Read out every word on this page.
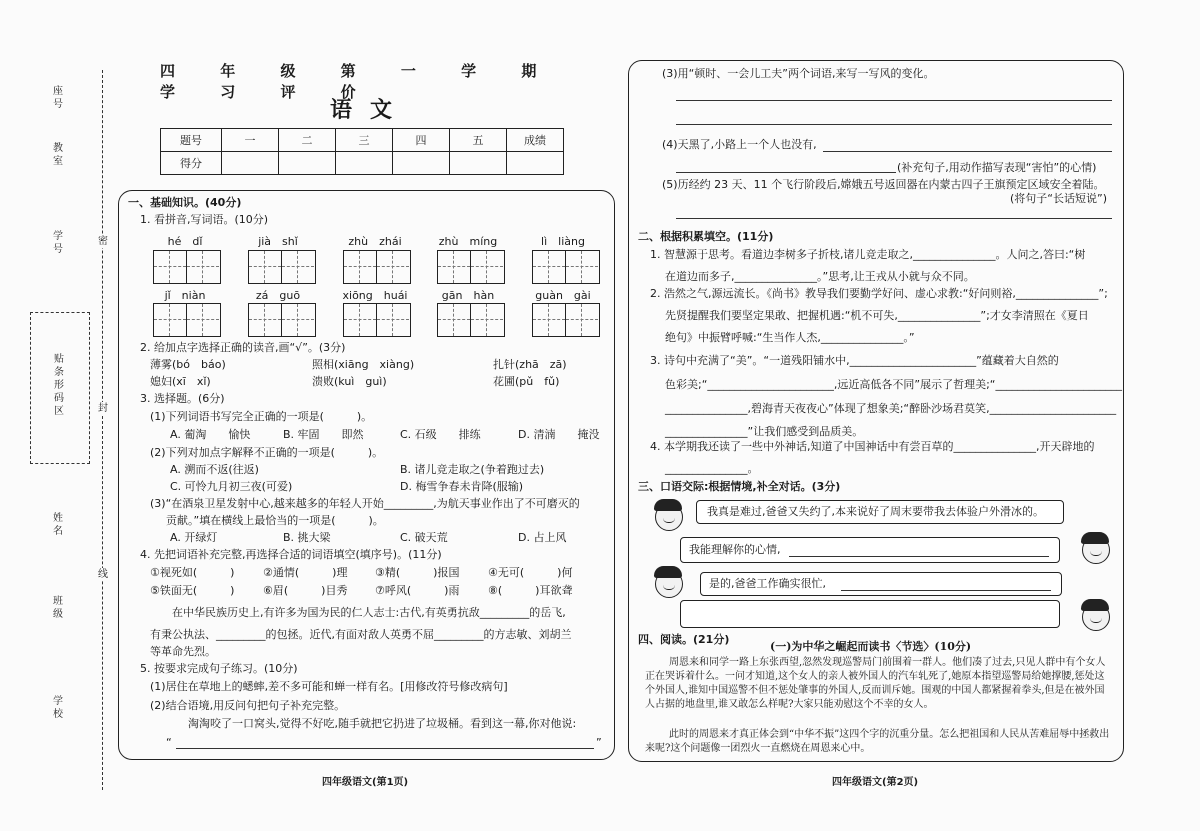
座号
教室
学号
贴条形码区
姓名
班级
学校
密
封
线
四 年 级 第 一 学 期 学 习 评 价
语文
题号	一	二	三	四	五	成绩
得分						
一、基础知识。(40分)
1. 看拼音,写词语。(10分)
hé　dǐ	jià　shǐ	zhù　zhái	zhù　míng	lì　liàng
jǐ　niàn	zá　guō	xiōng　huái	gān　hàn	guàn　gài
2. 给加点字选择正确的读音,画“√”。(3分)
薄雾(bó　báo)	照相(xiāng　xiàng)	扎针(zhā　zā)
媳妇(xī　xǐ)	溃败(kuì　guì)	花圃(pǔ　fǔ)
3. 选择题。(6分)
(1)下列词语书写完全正确的一项是(　　　)。
A. 葡淘　　愉快	B. 牢固　　即然	C. 石级　　排练	D. 清湳　　掩没
(2)下列对加点字解释不正确的一项是(　　　)。
A. 溯而不返(往返)	B. 诸儿竞走取之(争着跑过去)
C. 可怜九月初三夜(可爱)	D. 梅雪争春未肯降(服输)
(3)“在酒泉卫星发射中心,越来越多的年轻人开始_________,为航天事业作出了不可磨灭的
贡献。”填在横线上最恰当的一项是(　　　)。
A. 开绿灯	B. 挑大梁	C. 破天荒	D. 占上风
4. 先把词语补充完整,再选择合适的词语填空(填序号)。(11分)
①视死如(　　　)	②通情(　　　)理	③精(　　　)报国	④无可(　　　)何
⑤铁面无(　　　)	⑥眉(　　　)目秀	⑦呼风(　　　)雨	⑧(　　　)耳欲聋
在中华民族历史上,有许多为国为民的仁人志士:古代,有英勇抗敌_________的岳飞,
有秉公执法、_________的包拯。近代,有面对敌人英勇不屈_________的方志敏、刘胡兰
等革命先烈。
5. 按要求完成句子练习。(10分)
(1)居住在草地上的蟋蟀,差不多可能和蝉一样有名。[用修改符号修改病句]
(2)结合语境,用反问句把句子补充完整。
淘淘咬了一口窝头,觉得不好吃,随手就把它扔进了垃圾桶。看到这一幕,你对他说:
“	”
四年级语文(第1页)
(3)用“顿时、一会儿工夫”两个词语,来写一写风的变化。
(4)天黑了,小路上一个人也没有,
(补充句子,用动作描写表现“害怕”的心情)
(5)历经约 23 天、11 个飞行阶段后,嫦娥五号返回器在内蒙古四子王旗预定区域安全着陆。
(将句子“长话短说”)
二、根据积累填空。(11分)
1. 智慧源于思考。看道边李树多子折枝,诸儿竞走取之,_______________。人问之,答曰:“树
在道边而多子,_______________。”思考,让王戎从小就与众不同。
2. 浩然之气,源远流长。《尚书》教导我们要勤学好问、虚心求教:“好问则裕,_______________”;
先贤提醒我们要坚定果敢、把握机遇:“机不可失,_______________”;才女李清照在《夏日
绝句》中振臂呼喊:“生当作人杰,_______________。”
3. 诗句中充满了“美”。“一道残阳铺水中,_______________________”蕴藏着大自然的
色彩美;“_______________________,远近高低各不同”展示了哲理美;“_______________________
_______________,碧海青天夜夜心”体现了想象美;“醉卧沙场君莫笑,_______________________
_______________”让我们感受到品质美。
4. 本学期我还读了一些中外神话,知道了中国神话中有尝百草的_______________,开天辟地的
_______________。
三、口语交际:根据情境,补全对话。(3分)
我真是难过,爸爸又失约了,本来说好了周末要带我去体验户外滑冰的。
我能理解你的心情,
是的,爸爸工作确实很忙,
四、阅读。(21分)
(一)为中华之崛起而读书〈节选〉(10分)
周恩来和同学一路上东张西望,忽然发现巡警局门前围着一群人。他们凑了过去,只见人群中有个女人正在哭诉着什么。一问才知道,这个女人的亲人被外国人的汽车轧死了,她原本指望巡警局给她撑腰,惩处这个外国人,谁知中国巡警不但不惩处肇事的外国人,反而训斥她。围观的中国人都紧握着拳头,但是在被外国人占据的地盘里,谁又敢怎么样呢?大家只能劝慰这个不幸的女人。
此时的周恩来才真正体会到“中华不振”这四个字的沉重分量。怎么把祖国和人民从苦难屈辱中拯救出来呢?这个问题像一团烈火一直燃烧在周恩来心中。
四年级语文(第2页)
